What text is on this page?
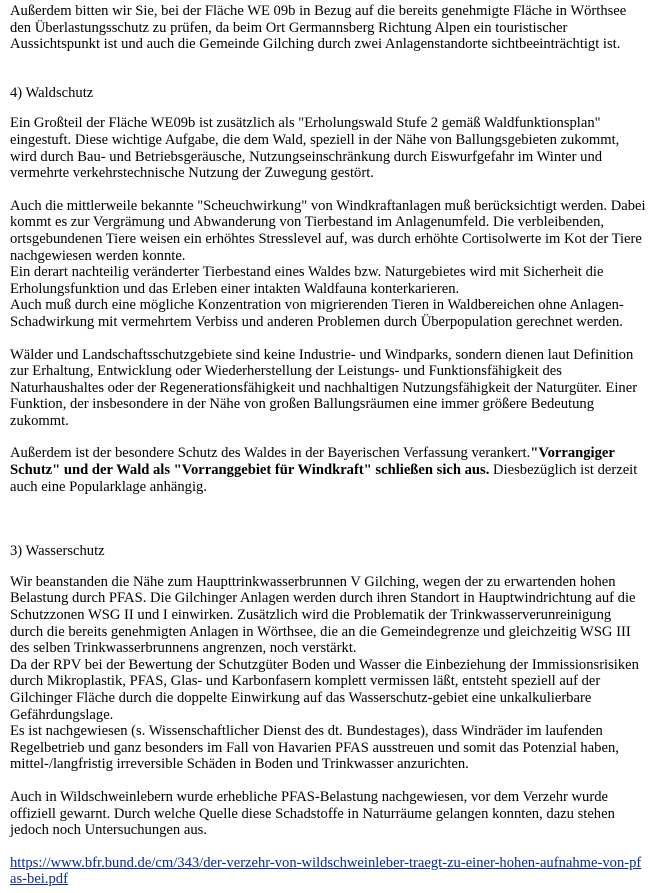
Außerdem bitten wir Sie, bei der Fläche WE 09b in Bezug auf die bereits genehmigte Fläche in Wörthsee den Überlastungsschutz zu prüfen, da beim Ort Germannsberg Richtung Alpen ein touristischer Aussichtspunkt ist und auch die Gemeinde Gilching durch zwei Anlagenstandorte sichtbeeinträchtigt ist.

4) Waldschutz

Ein Großteil der Fläche WE09b ist zusätzlich als "Erholungswald Stufe 2 gemäß Waldfunktionsplan" eingestuft. Diese wichtige Aufgabe, die dem Wald, speziell in der Nähe von Ballungsgebieten zukommt, wird durch Bau- und Betriebsgeräusche, Nutzungseinschränkung durch Eiswurfgefahr im Winter und vermehrte verkehrstechnische Nutzung der Zuwegung gestört.

Auch die mittlerweile bekannte "Scheuchwirkung" von Windkraftanlagen muß berücksichtigt werden. Dabei kommt es zur Vergrämung und Abwanderung von Tierbestand im Anlagenumfeld. Die verbleibenden, ortsgebundenen Tiere weisen ein erhöhtes Stresslevel auf, was durch erhöhte Cortisolwerte im Kot der Tiere nachgewiesen werden konnte.

Ein derart nachteilig veränderter Tierbestand eines Waldes bzw. Naturgebietes wird mit Sicherheit die Erholungsfunktion und das Erleben einer intakten Waldfauna konterkarieren.

Auch muß durch eine mögliche Konzentration von migrierenden Tieren in Waldbereichen ohne Anlagen-Schadwirkung mit vermehrtem Verbiss und anderen Problemen durch Überpopulation gerechnet werden.

Wälder und Landschaftsschutzgebiete sind keine Industrie- und Windparks, sondern dienen laut Definition zur Erhaltung, Entwicklung oder Wiederherstellung der Leistungs- und Funktionsfähigkeit des Naturhaushaltes oder der Regenerationsfähigkeit und nachhaltigen Nutzungsfähigkeit der Naturgüter. Einer Funktion, der insbesondere in der Nähe von großen Ballungsräumen eine immer größere Bedeutung zukommt.

Außerdem ist der besondere Schutz des Waldes in der Bayerischen Verfassung verankert."Vorrangiger Schutz" und der Wald als "Vorranggebiet für Windkraft" schließen sich aus. Diesbezüglich ist derzeit auch eine Popularklage anhängig.

3) Wasserschutz

Wir beanstanden die Nähe zum Haupttrinkwasserbrunnen V Gilching, wegen der zu erwartenden hohen Belastung durch PFAS. Die Gilchinger Anlagen werden durch ihren Standort in Hauptwindrichtung auf die Schutzzonen WSG II und I einwirken. Zusätzlich wird die Problematik der Trinkwasserverunreinigung durch die bereits genehmigten Anlagen in Wörthsee, die an die Gemeindegrenze und gleichzeitig WSG III des selben Trinkwasserbrunnens angrenzen, noch verstärkt.

Da der RPV bei der Bewertung der Schutzgüter Boden und Wasser die Einbeziehung der Immissionsrisiken durch Mikroplastik, PFAS, Glas- und Karbonfasern komplett vermissen läßt, entsteht speziell auf der Gilchinger Fläche durch die doppelte Einwirkung auf das Wasserschutz-gebiet eine unkalkulierbare Gefährdungslage.

Es ist nachgewiesen (s. Wissenschaftlicher Dienst des dt. Bundestages), dass Windräder im laufenden Regelbetrieb und ganz besonders im Fall von Havarien PFAS ausstreuen und somit das Potenzial haben, mittel-/langfristig irreversible Schäden in Boden und Trinkwasser anzurichten.

Auch in Wildschweinlebern wurde erhebliche PFAS-Belastung nachgewiesen, vor dem Verzehr wurde offiziell gewarnt. Durch welche Quelle diese Schadstoffe in Naturräume gelangen konnten, dazu stehen jedoch noch Untersuchungen aus.

https://www.bfr.bund.de/cm/343/der-verzehr-von-wildschweinleber-traegt-zu-einer-hohen-aufnahme-von-pfas-bei.pdf
